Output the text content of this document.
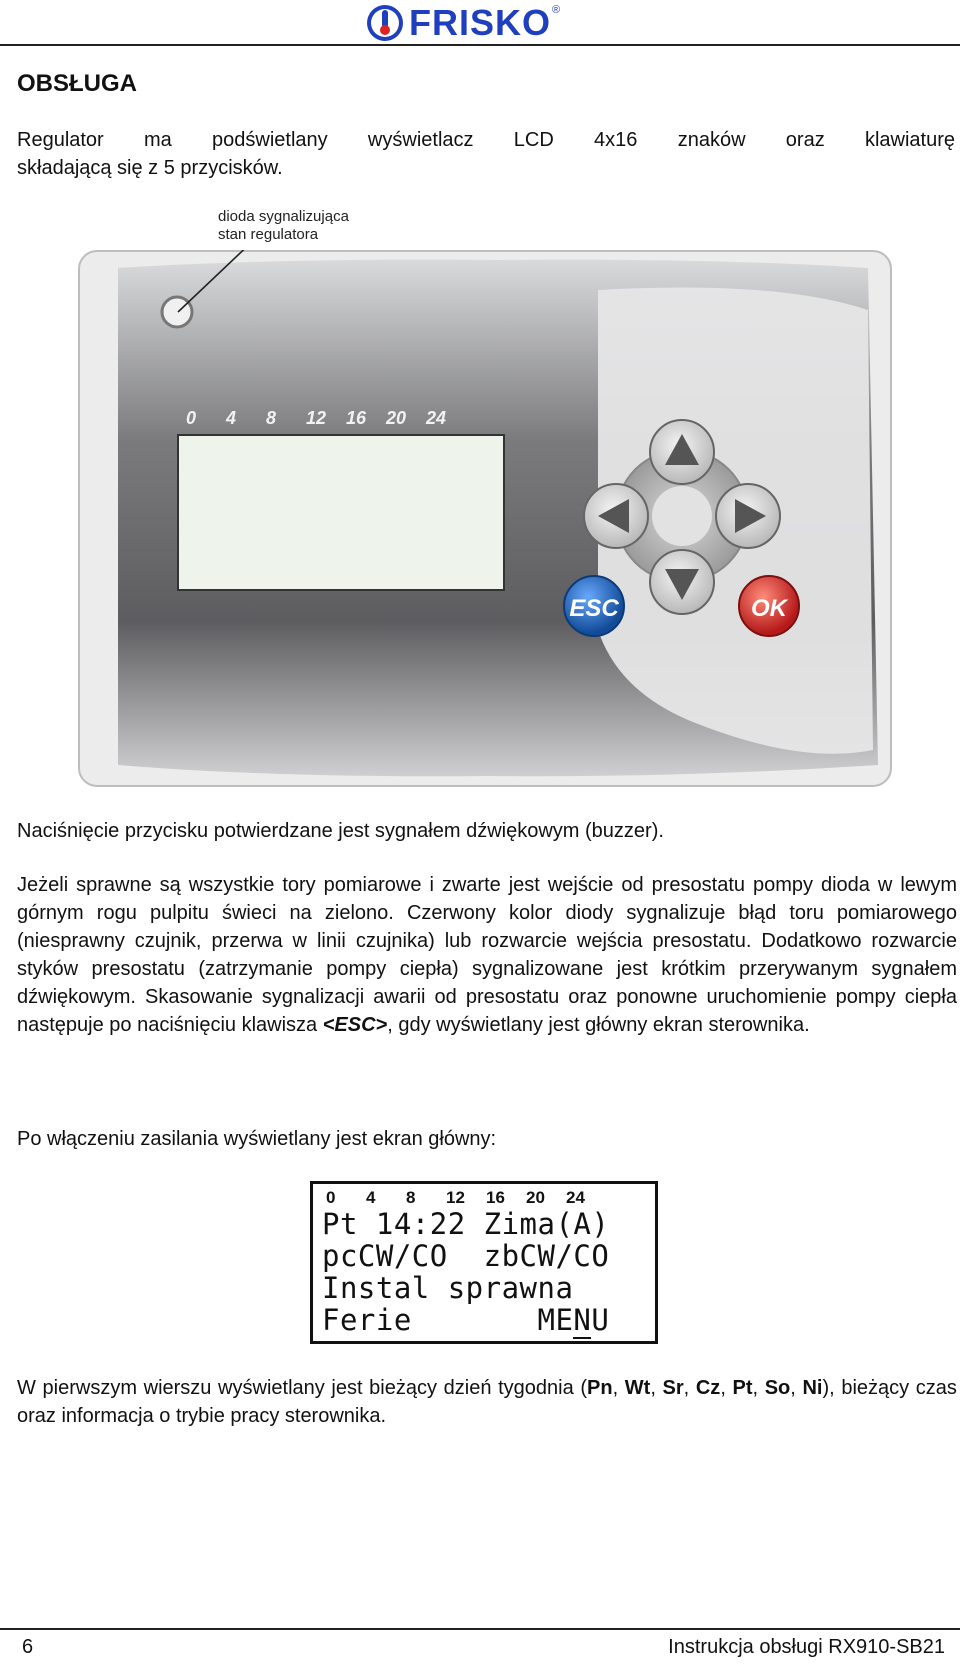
FRISKO ®
OBSŁUGA
Regulator ma podświetlany wyświetlacz LCD 4x16 znaków oraz klawiaturę
składającą się z 5 przycisków.
dioda sygnalizująca
stan regulatora
0 4 8 12 16 20 24
ESC	OK
Naciśnięcie przycisku potwierdzane jest sygnałem dźwiękowym (buzzer).
Jeżeli sprawne są wszystkie tory pomiarowe i zwarte jest wejście od presostatu pompy dioda w lewym górnym rogu pulpitu świeci na zielono. Czerwony kolor diody sygnalizuje błąd toru pomiarowego (niesprawny czujnik, przerwa w linii czujnika) lub rozwarcie wejścia presostatu. Dodatkowo rozwarcie styków presostatu (zatrzymanie pompy ciepła) sygnalizowane jest krótkim przerywanym sygnałem dźwiękowym. Skasowanie sygnalizacji awarii od presostatu oraz ponowne uruchomienie pompy ciepła następuje po naciśnięciu klawisza <ESC>, gdy wyświetlany jest główny ekran sterownika.
Po włączeniu zasilania wyświetlany jest ekran główny:
0 4 8 12 16 20 24
Pt 14:22 Zima(A)
pcCW/CO  zbCW/CO
Instal sprawna
Ferie       MENU
W pierwszym wierszu wyświetlany jest bieżący dzień tygodnia (Pn, Wt, Sr, Cz, Pt, So, Ni), bieżący czas oraz informacja o trybie pracy sterownika.
6	Instrukcja obsługi RX910-SB21
